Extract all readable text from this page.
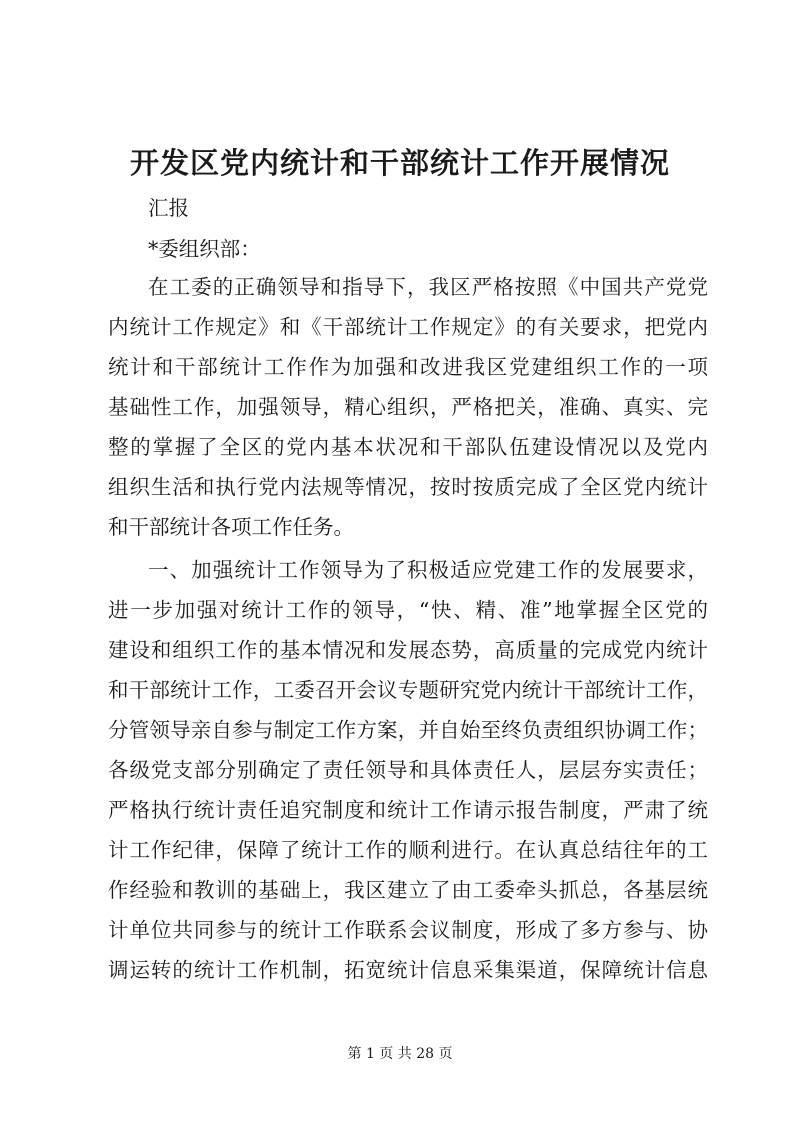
开发区党内统计和干部统计工作开展情况
汇报
*委组织部：
在工委的正确领导和指导下，我区严格按照《中国共产党党
内统计工作规定》和《干部统计工作规定》的有关要求，把党内
统计和干部统计工作作为加强和改进我区党建组织工作的一项
基础性工作，加强领导，精心组织，严格把关，准确、真实、完
整的掌握了全区的党内基本状况和干部队伍建设情况以及党内
组织生活和执行党内法规等情况，按时按质完成了全区党内统计
和干部统计各项工作任务。
一、加强统计工作领导为了积极适应党建工作的发展要求，
进一步加强对统计工作的领导，“快、精、准”地掌握全区党的
建设和组织工作的基本情况和发展态势，高质量的完成党内统计
和干部统计工作，工委召开会议专题研究党内统计干部统计工作，
分管领导亲自参与制定工作方案，并自始至终负责组织协调工作；
各级党支部分别确定了责任领导和具体责任人，层层夯实责任；
严格执行统计责任追究制度和统计工作请示报告制度，严肃了统
计工作纪律，保障了统计工作的顺利进行。在认真总结往年的工
作经验和教训的基础上，我区建立了由工委牵头抓总，各基层统
计单位共同参与的统计工作联系会议制度，形成了多方参与、协
调运转的统计工作机制，拓宽统计信息采集渠道，保障统计信息
第 1 页 共 28 页
